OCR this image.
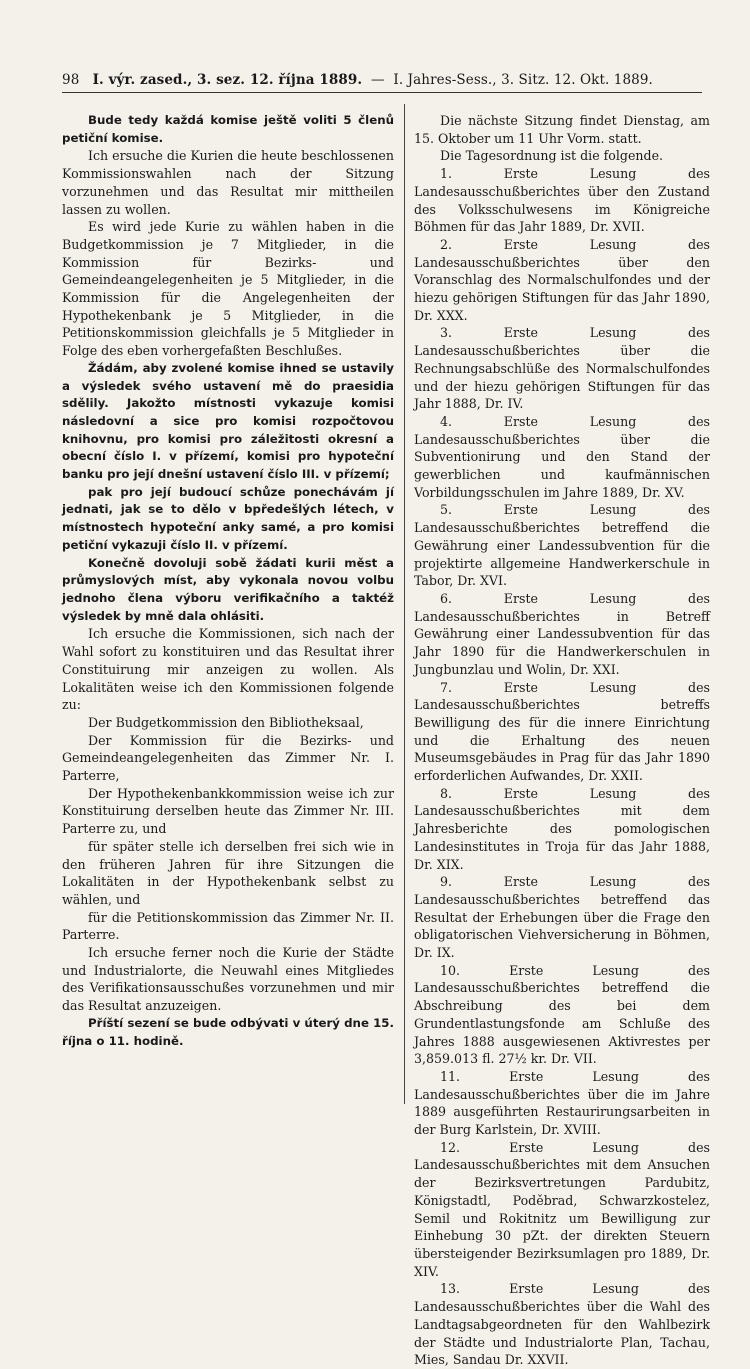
98 I. výr. zased., 3. sez. 12. října 1889. — I. Jahres-Sess., 3. Sitz. 12. Okt. 1889.

Bude tedy každá komise ještě voliti 5 členů petiční komise.

Ich ersuche die Kurien die heute beschlossenen Kommissionswahlen nach der Sitzung vorzunehmen und das Resultat mir mittheilen lassen zu wollen.

Es wird jede Kurie zu wählen haben in die Budgetkommission je 7 Mitglieder, in die Kommission für Bezirks- und Gemeindeangelegenheiten je 5 Mitglieder, in die Kommission für die Angelegenheiten der Hypothekenbank je 5 Mitglieder, in die Petitionskommission gleichfalls je 5 Mitglieder in Folge des eben vorhergefaßten Beschlußes.

Žádám, aby zvolené komise ihned se ustavily a výsledek svého ustavení mě do praesidia sdělily. Jakožto místnosti vykazuje komisi následovní a sice pro komisi rozpočtovou knihovnu, pro komisi pro záležitosti okresní a obecní číslo I. v přízemí, komisi pro hypoteční banku pro její dnešní ustavení číslo III. v přízemí;

pak pro její budoucí schůze ponechávám jí jednati, jak se to dělo v bpředešlých létech, v místnostech hypoteční anky samé, a pro komisi petiční vykazuji číslo II. v přízemí.

Konečně dovoluji sobě žádati kurii měst a průmyslových míst, aby vykonala novou volbu jednoho člena výboru verifikačního a taktéž výsledek by mně dala ohlásiti.

Ich ersuche die Kommissionen, sich nach der Wahl sofort zu konstituiren und das Resultat ihrer Constituirung mir anzeigen zu wollen. Als Lokalitäten weise ich den Kommissionen folgende zu:

Der Budgetkommission den Bibliotheksaal,

Der Kommission für die Bezirks- und Gemeindeangelegenheiten das Zimmer Nr. I. Parterre,

Der Hypothekenbankkommission weise ich zur Konstituirung derselben heute das Zimmer Nr. III. Parterre zu, und

für später stelle ich derselben frei sich wie in den früheren Jahren für ihre Sitzungen die Lokalitäten in der Hypothekenbank selbst zu wählen, und

für die Petitionskommission das Zimmer Nr. II. Parterre.

Ich ersuche ferner noch die Kurie der Städte und Industrialorte, die Neuwahl eines Mitgliedes des Verifikationsausschußes vorzunehmen und mir das Resultat anzuzeigen.

Příští sezení se bude odbývati v úterý dne 15. října o 11. hodině.

Die nächste Sitzung findet Dienstag, am 15. Oktober um 11 Uhr Vorm. statt.

Die Tagesordnung ist die folgende.

1. Erste Lesung des Landesausschußberichtes über den Zustand des Volksschulwesens im Königreiche Böhmen für das Jahr 1889, Dr. XVII.

2. Erste Lesung des Landesausschußberichtes über den Voranschlag des Normalschulfondes und der hiezu gehörigen Stiftungen für das Jahr 1890, Dr. XXX.

3. Erste Lesung des Landesausschußberichtes über die Rechnungsabschlüße des Normalschulfondes und der hiezu gehörigen Stiftungen für das Jahr 1888, Dr. IV.

4. Erste Lesung des Landesausschußberichtes über die Subventionirung und den Stand der gewerblichen und kaufmännischen Vorbildungsschulen im Jahre 1889, Dr. XV.

5. Erste Lesung des Landesausschußberichtes betreffend die Gewährung einer Landessubvention für die projektirte allgemeine Handwerkerschule in Tabor, Dr. XVI.

6. Erste Lesung des Landesausschußberichtes in Betreff Gewährung einer Landessubvention für das Jahr 1890 für die Handwerkerschulen in Jungbunzlau und Wolin, Dr. XXI.

7. Erste Lesung des Landesausschußberichtes betreffs Bewilligung des für die innere Einrichtung und die Erhaltung des neuen Museumsgebäudes in Prag für das Jahr 1890 erforderlichen Aufwandes, Dr. XXII.

8. Erste Lesung des Landesausschußberichtes mit dem Jahresberichte des pomologischen Landesinstitutes in Troja für das Jahr 1888, Dr. XIX.

9. Erste Lesung des Landesausschußberichtes betreffend das Resultat der Erhebungen über die Frage den obligatorischen Viehversicherung in Böhmen, Dr. IX.

10. Erste Lesung des Landesausschußberichtes betreffend die Abschreibung des bei dem Grundentlastungsfonde am Schluße des Jahres 1888 ausgewiesenen Aktivrestes per 3,859.013 fl. 27½ kr. Dr. VII.

11. Erste Lesung des Landesausschußberichtes über die im Jahre 1889 ausgeführten Restaurirungsarbeiten in der Burg Karlstein, Dr. XVIII.

12. Erste Lesung des Landesausschußberichtes mit dem Ansuchen der Bezirksvertretungen Pardubitz, Königstadtl, Poděbrad, Schwarzkostelez, Semil und Rokitnitz um Bewilligung zur Einhebung 30 pZt. der direkten Steuern übersteigender Bezirksumlagen pro 1889, Dr. XIV.

13. Erste Lesung des Landesausschußberichtes über die Wahl des Landtagsabgeordneten für den Wahlbezirk der Städte und Industrialorte Plan, Tachau, Mies, Sandau Dr. XXVII.
